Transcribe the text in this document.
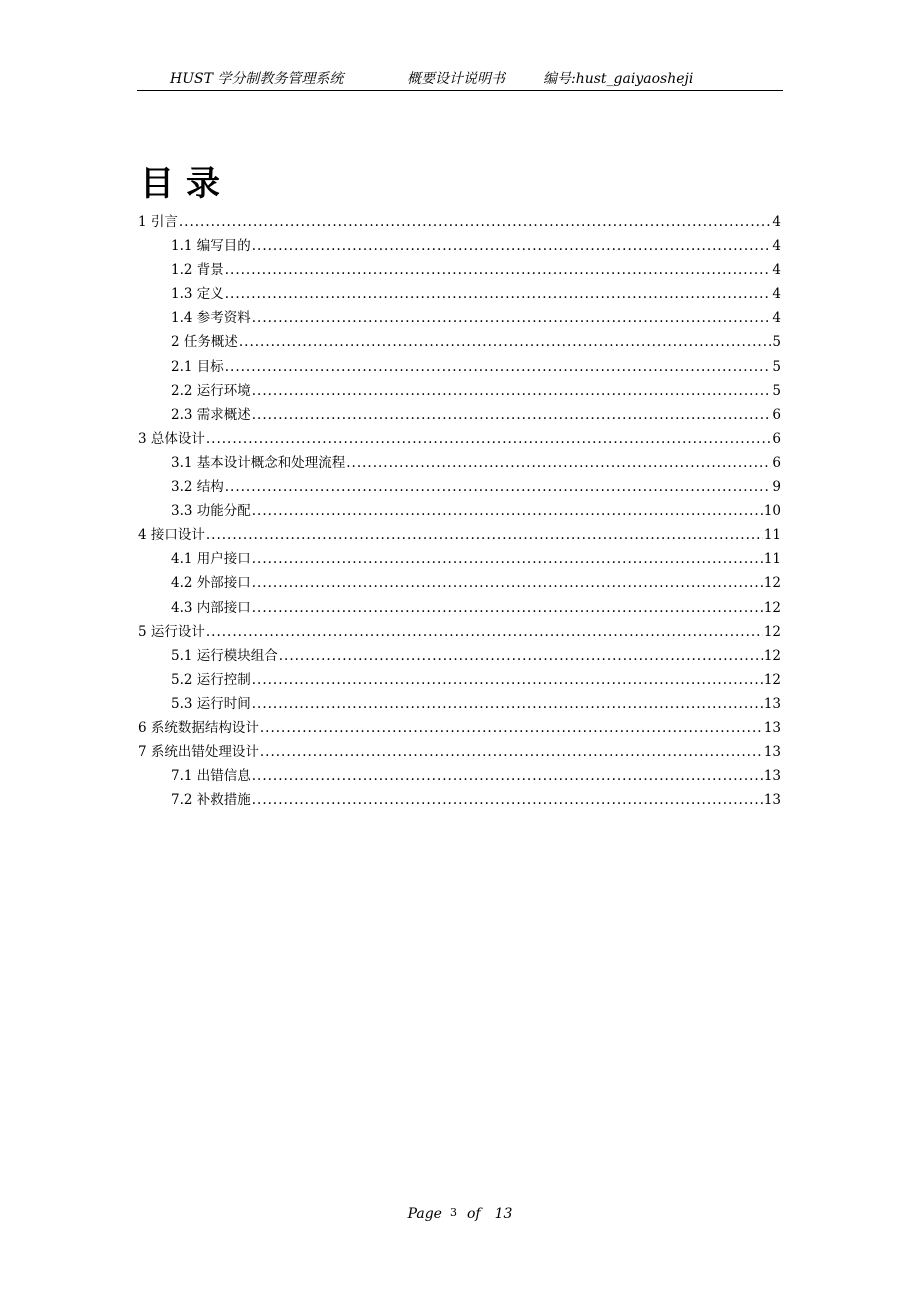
HUST 学分制教务管理系统	概要设计说明书	编号:hust_gaiyaosheji
目录
1 引言 .....	4
1.1 编写目的 .....	4
1.2 背景 .....	4
1.3 定义 .....	4
1.4 参考资料 .....	4
2 任务概述 .....	5
2.1 目标 .....	5
2.2 运行环境 .....	5
2.3 需求概述 .....	6
3 总体设计 .....	6
3.1 基本设计概念和处理流程 .....	6
3.2 结构 .....	9
3.3 功能分配 .....	10
4 接口设计 .....	11
4.1 用户接口 .....	11
4.2 外部接口 .....	12
4.3 内部接口 .....	12
5 运行设计 .....	12
5.1 运行模块组合 .....	12
5.2 运行控制 .....	12
5.3 运行时间 .....	13
6 系统数据结构设计 .....	13
7 系统出错处理设计 .....	13
7.1 出错信息 .....	13
7.2 补救措施 .....	13
Page 3 of 13
